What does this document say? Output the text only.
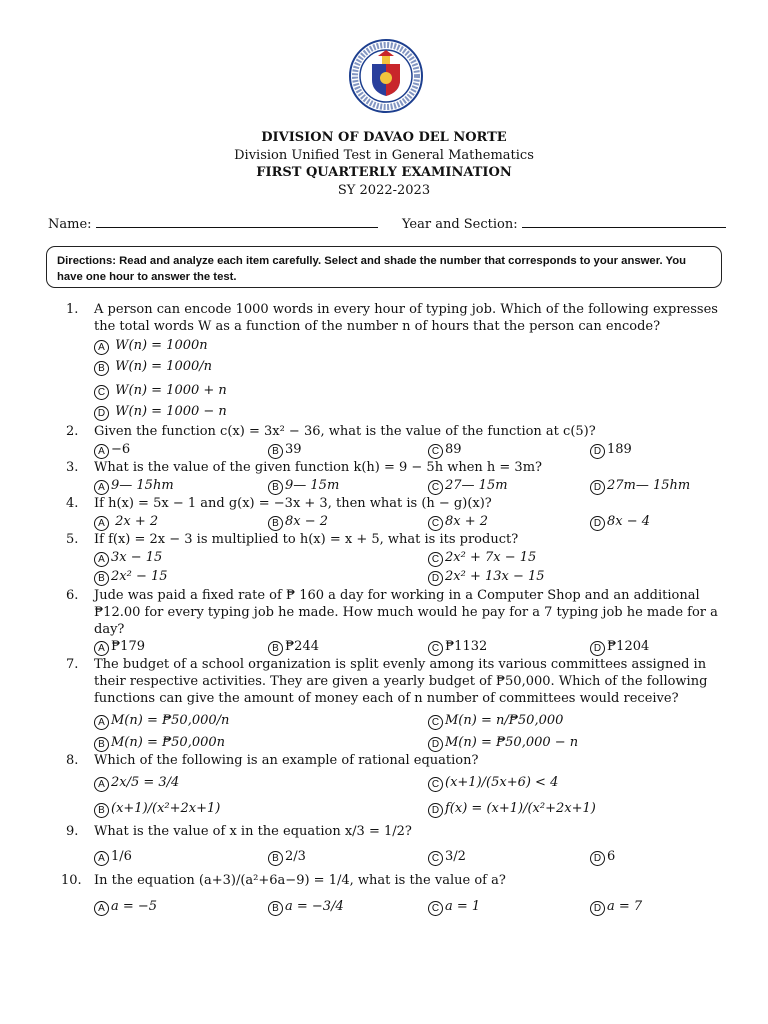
DIVISION OF DAVAO DEL NORTE
Division Unified Test in General Mathematics
FIRST QUARTERLY EXAMINATION
SY 2022-2023
Name:	Year and Section:
Directions: Read and analyze each item carefully. Select and shade the number that corresponds to your answer. You have one hour to answer the test.
1. A person can encode 1000 words in every hour of typing job. Which of the following expresses the total words W as a function of the number n of hours that the person can encode?
A W(n) = 1000n
B W(n) = 1000/n
C W(n) = 1000 + n
D W(n) = 1000 − n
2. Given the function c(x) = 3x² − 36, what is the value of the function at c(5)?
A −6	B 39	C 89	D 189
3. What is the value of the given function k(h) = 9 − 5h when h = 3m?
A 9— 15hm	B 9— 15m	C 27— 15m	D 27m— 15hm
4. If h(x) = 5x − 1 and g(x) = −3x + 3, then what is (h − g)(x)?
A 2x + 2	B 8x − 2	C 8x + 2	D 8x − 4
5. If f(x) = 2x − 3 is multiplied to h(x) = x + 5, what is its product?
A 3x − 15
B 2x² − 15
C 2x² + 7x − 15
D 2x² + 13x − 15
6. Jude was paid a fixed rate of ₱ 160 a day for working in a Computer Shop and an additional ₱12.00 for every typing job he made. How much would he pay for a 7 typing job he made for a day?
A ₱179	B ₱244	C ₱1132	D ₱1204
7. The budget of a school organization is split evenly among its various committees assigned in their respective activities. They are given a yearly budget of ₱50,000. Which of the following functions can give the amount of money each of n number of committees would receive?
A M(n) = ₱50,000/n
B M(n) = ₱50,000n
C M(n) = n/₱50,000
D M(n) = ₱50,000 − n
8. Which of the following is an example of rational equation?
A 2x/5 = 3/4
B (x+1)/(x²+2x+1)
C (x+1)/(5x+6) < 4
D f(x) = (x+1)/(x²+2x+1)
9. What is the value of x in the equation x/3 = 1/2?
A 1/6	B 2/3	C 3/2	D 6
10. In the equation (a+3)/(a²+6a−9) = 1/4, what is the value of a?
A a = −5	B a = −3/4	C a = 1	D a = 7
